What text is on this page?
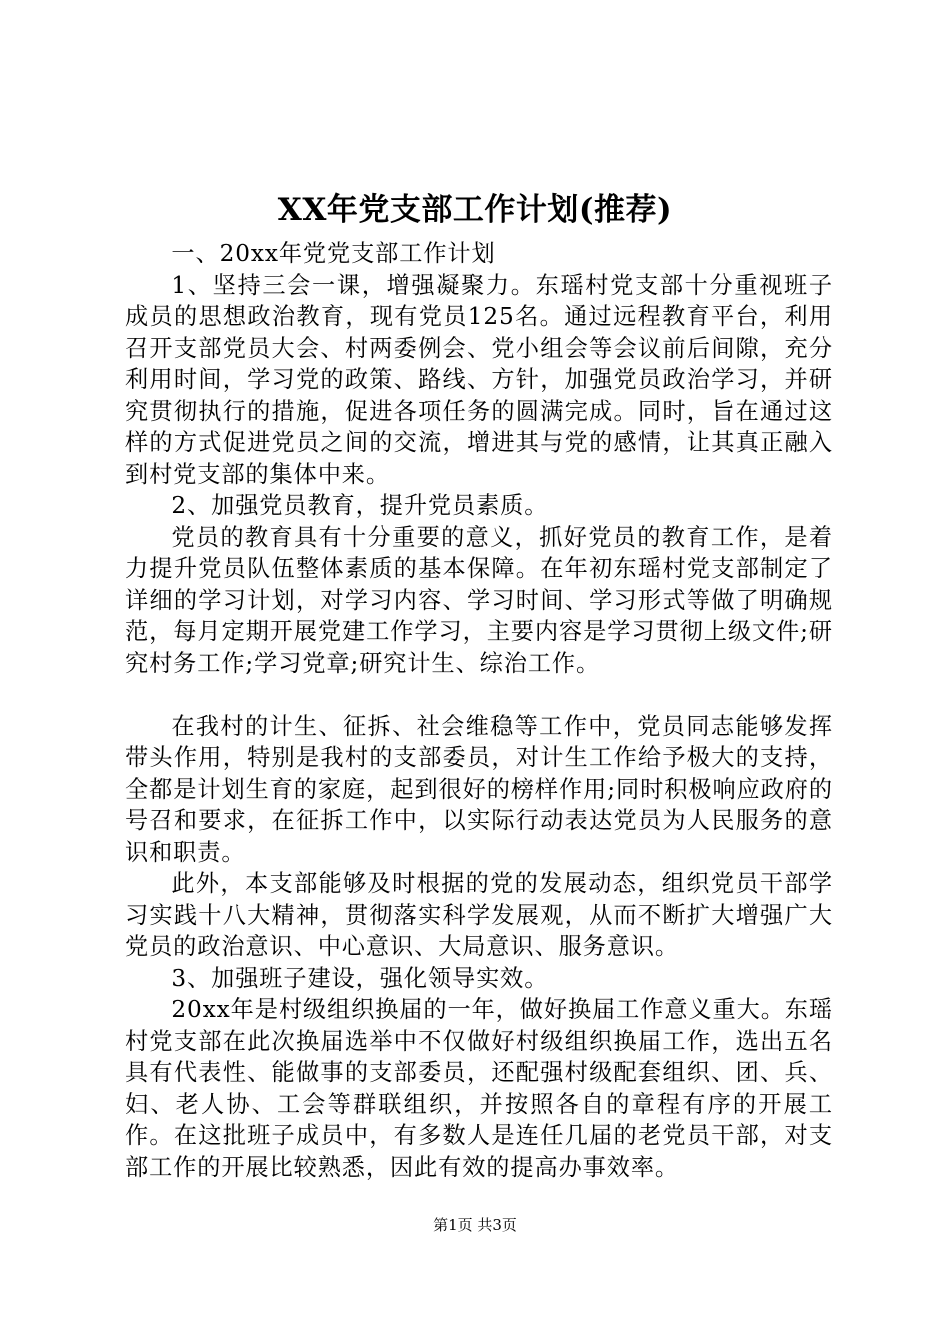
XX年党支部工作计划(推荐)

一、20xx年党党支部工作计划

1、坚持三会一课，增强凝聚力。东瑶村党支部十分重视班子成员的思想政治教育，现有党员125名。通过远程教育平台，利用召开支部党员大会、村两委例会、党小组会等会议前后间隙，充分利用时间，学习党的政策、路线、方针，加强党员政治学习，并研究贯彻执行的措施，促进各项任务的圆满完成。同时，旨在通过这样的方式促进党员之间的交流，增进其与党的感情，让其真正融入到村党支部的集体中来。

2、加强党员教育，提升党员素质。

党员的教育具有十分重要的意义，抓好党员的教育工作，是着力提升党员队伍整体素质的基本保障。在年初东瑶村党支部制定了详细的学习计划，对学习内容、学习时间、学习形式等做了明确规范，每月定期开展党建工作学习，主要内容是学习贯彻上级文件;研究村务工作;学习党章;研究计生、综治工作。

在我村的计生、征拆、社会维稳等工作中，党员同志能够发挥带头作用，特别是我村的支部委员，对计生工作给予极大的支持，全都是计划生育的家庭，起到很好的榜样作用;同时积极响应政府的号召和要求，在征拆工作中，以实际行动表达党员为人民服务的意识和职责。

此外，本支部能够及时根据的党的发展动态，组织党员干部学习实践十八大精神，贯彻落实科学发展观，从而不断扩大增强广大党员的政治意识、中心意识、大局意识、服务意识。

3、加强班子建设，强化领导实效。

20xx年是村级组织换届的一年，做好换届工作意义重大。东瑶村党支部在此次换届选举中不仅做好村级组织换届工作，选出五名具有代表性、能做事的支部委员，还配强村级配套组织、团、兵、妇、老人协、工会等群联组织，并按照各自的章程有序的开展工作。在这批班子成员中，有多数人是连任几届的老党员干部，对支部工作的开展比较熟悉，因此有效的提高办事效率。

第1页 共3页
